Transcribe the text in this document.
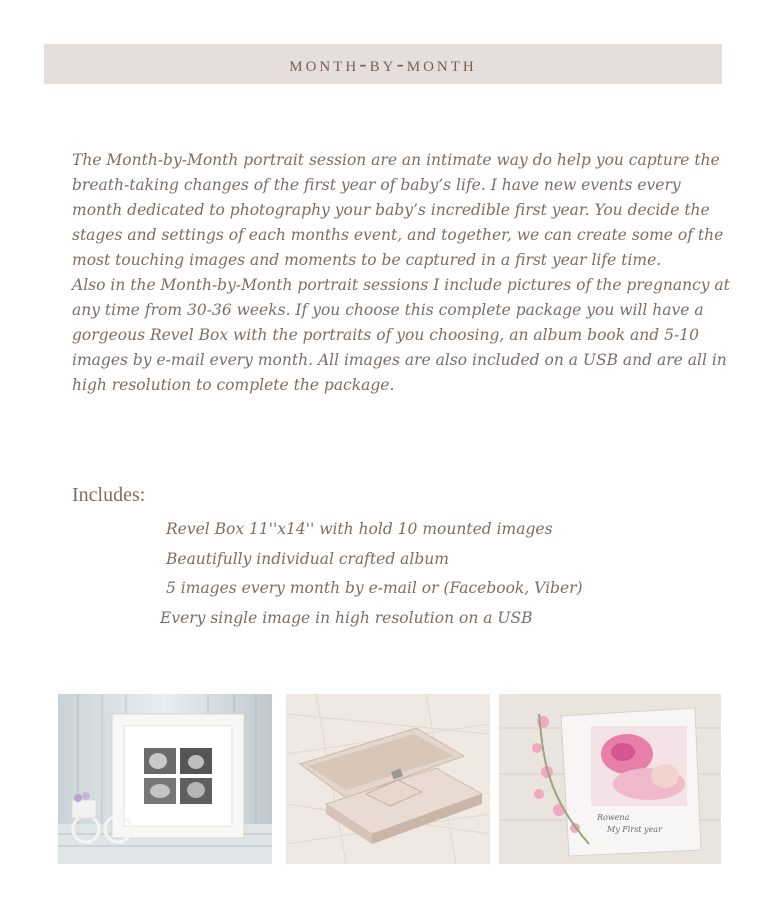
month-by-month

The Month-by-Month portrait session are an intimate way do help you capture the breath-taking changes of the first year of baby’s life. I have new events every month dedicated to photography your baby’s incredible first year. You decide the stages and settings of each months event, and together, we can create some of the most touching images and moments to be captured in a first year life time.

Also in the Month-by-Month portrait sessions I include pictures of the pregnancy at any time from 30-36 weeks. If you choose this complete package you will have a gorgeous Revel Box with the portraits of you choosing, an album book and 5-10 images by e-mail every month. All images are also included on a USB and are all in high resolution to complete the package.

Includes:
Revel Box 11''x14'' with hold 10 mounted images
Beautifully individual crafted album
5 images every month by e-mail or (Facebook, Viber)
Every single image in high resolution on a USB
Rowena
My First year
